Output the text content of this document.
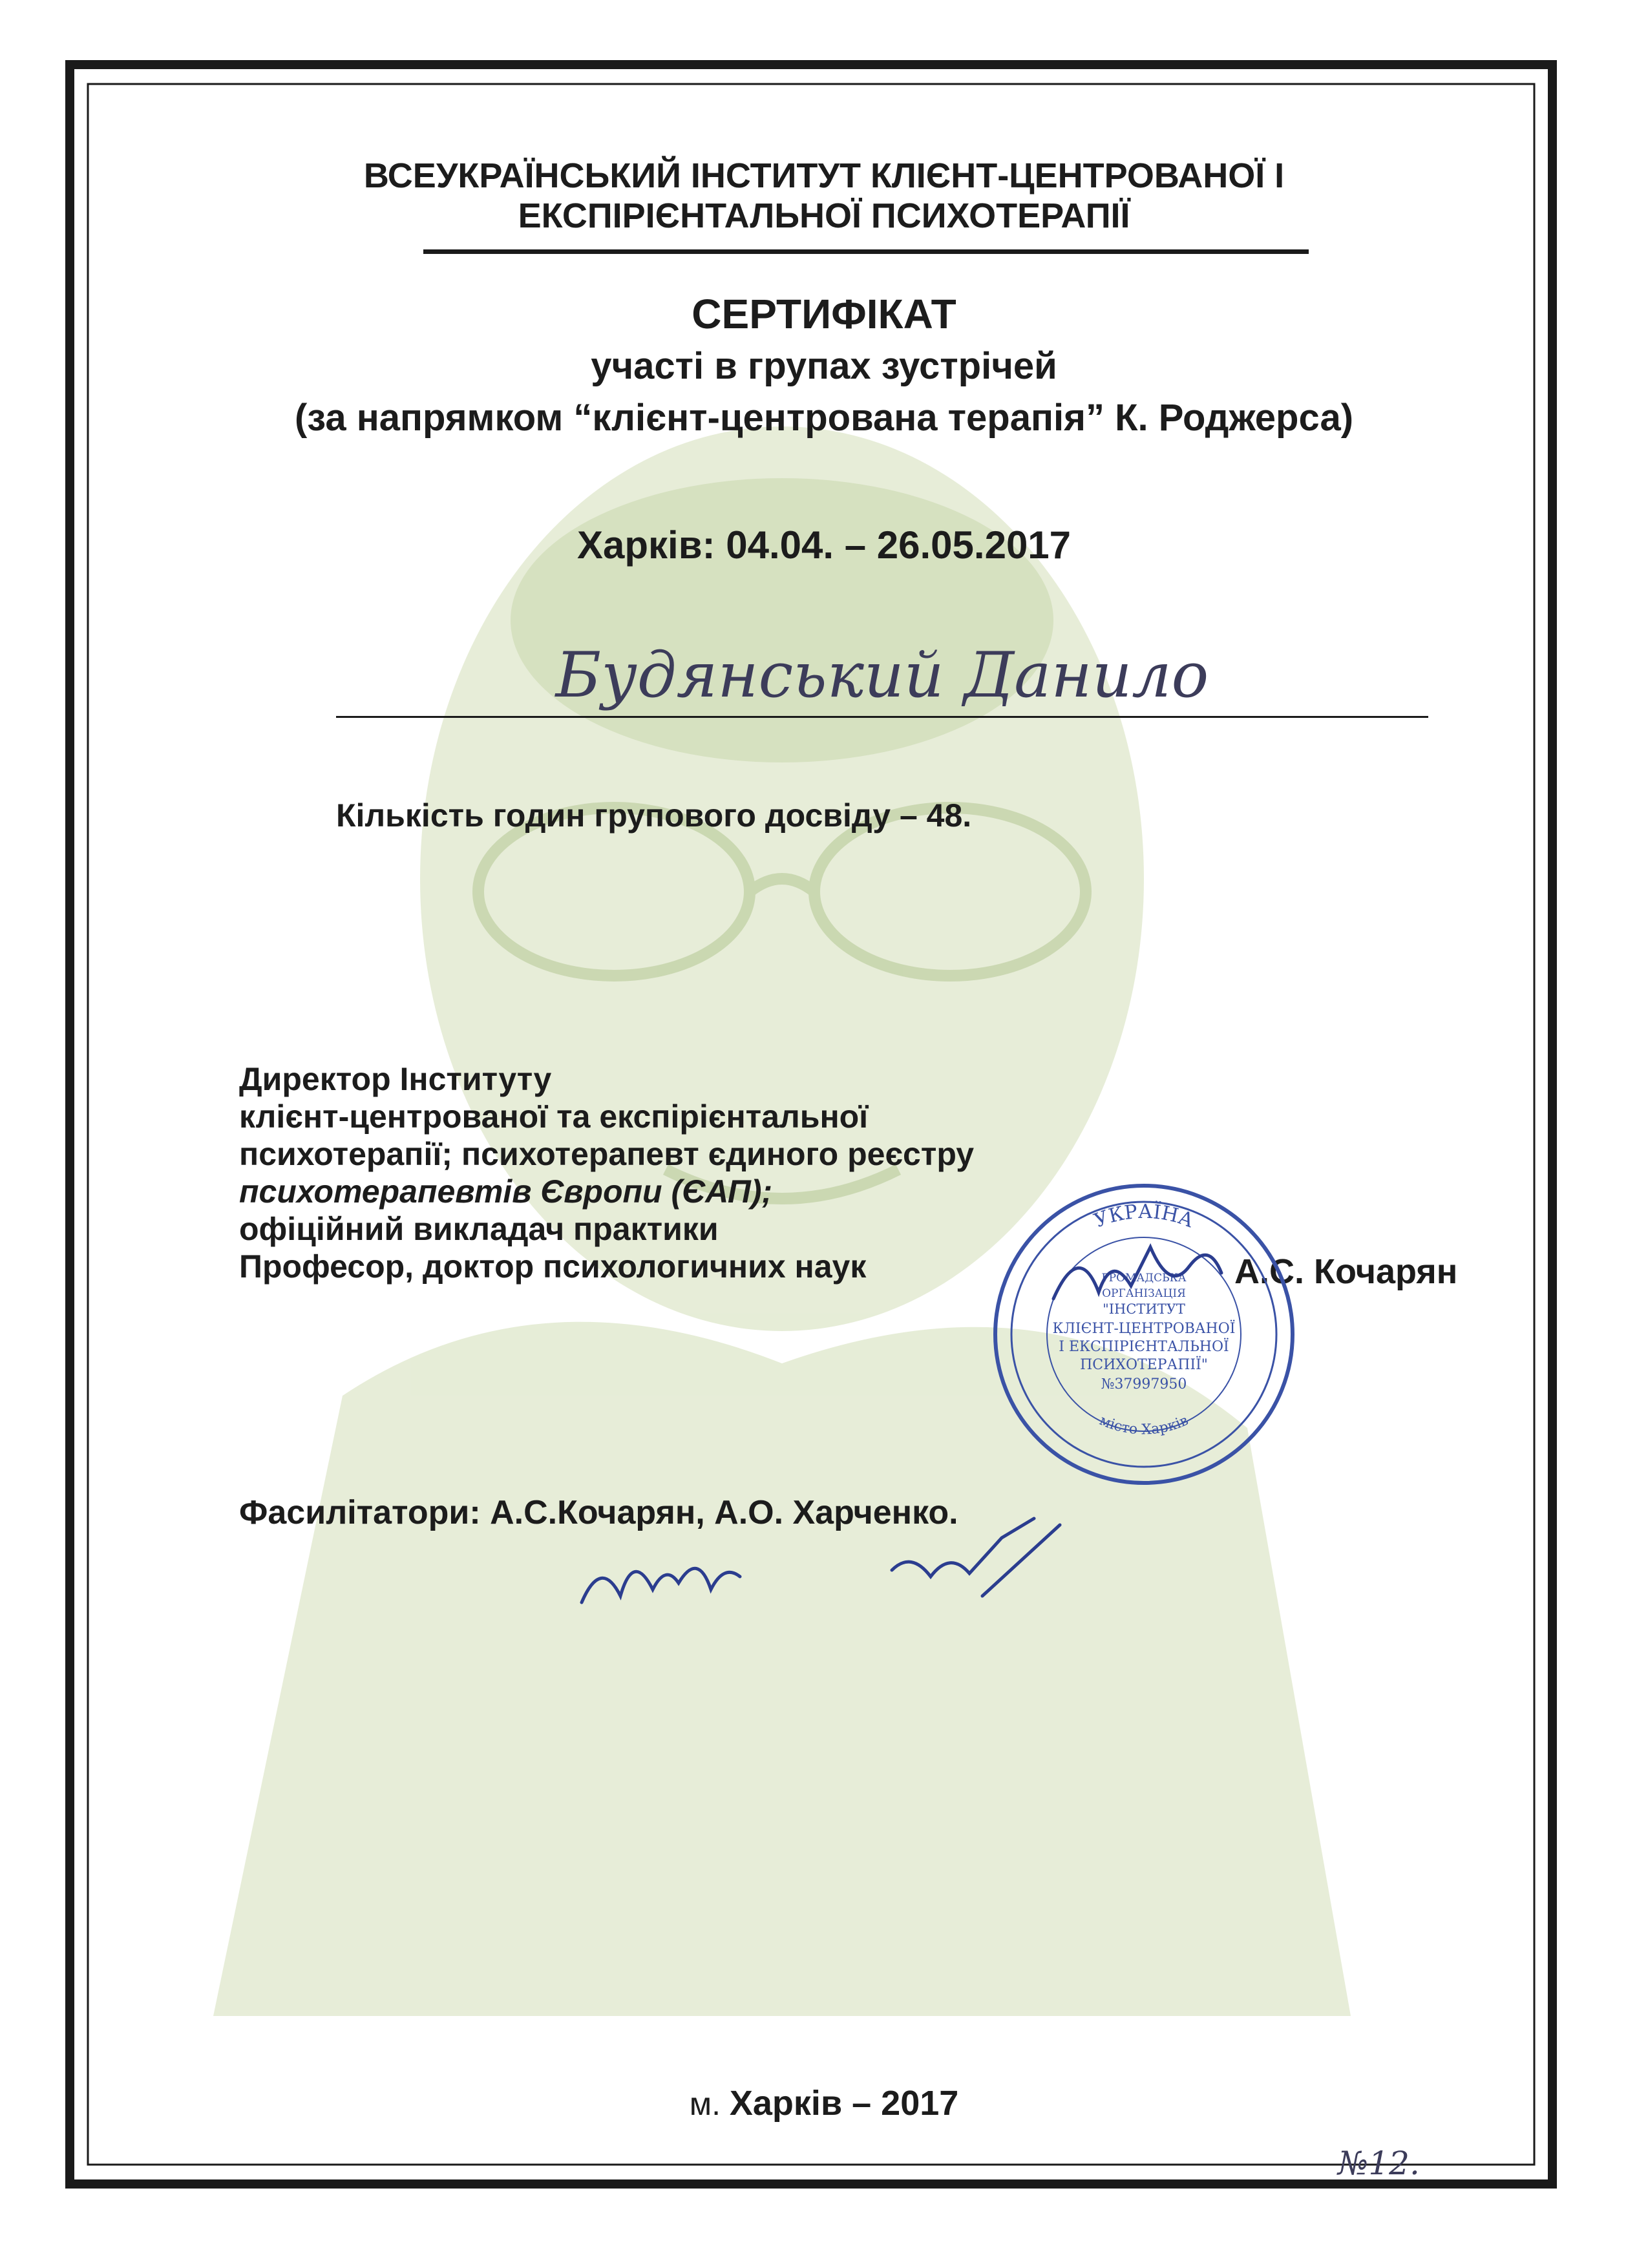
ВСЕУКРАЇНСЬКИЙ ІНСТИТУТ КЛІЄНТ-ЦЕНТРОВАНОЇ І
ЕКСПІРІЄНТАЛЬНОЇ ПСИХОТЕРАПІЇ
СЕРТИФІКАТ
участі в групах зустрічей
(за напрямком “клієнт-центрована терапія” К. Роджерса)
Харків: 04.04. – 26.05.2017
Будянський Данило
Кількість годин групового досвіду – 48.
Директор Інституту
клієнт-центрованої та експірієнтальної
психотерапії; психотерапевт єдиного реєстру
психотерапевтів Європи (ЄАП);
офіційний викладач практики
Професор, доктор психологичних наук	А.С. Кочарян
УКРАЇНА
місто Харків
ГРОМАДСЬКА
ОРГАНІЗАЦІЯ
"ІНСТИТУТ
КЛІЄНТ-ЦЕНТРОВАНОЇ
І ЕКСПІРІЄНТАЛЬНОЇ
ПСИХОТЕРАПІЇ"
№37997950
Фасилітатори: А.С.Кочарян, А.О. Харченко.
м. Харків – 2017
№12.
